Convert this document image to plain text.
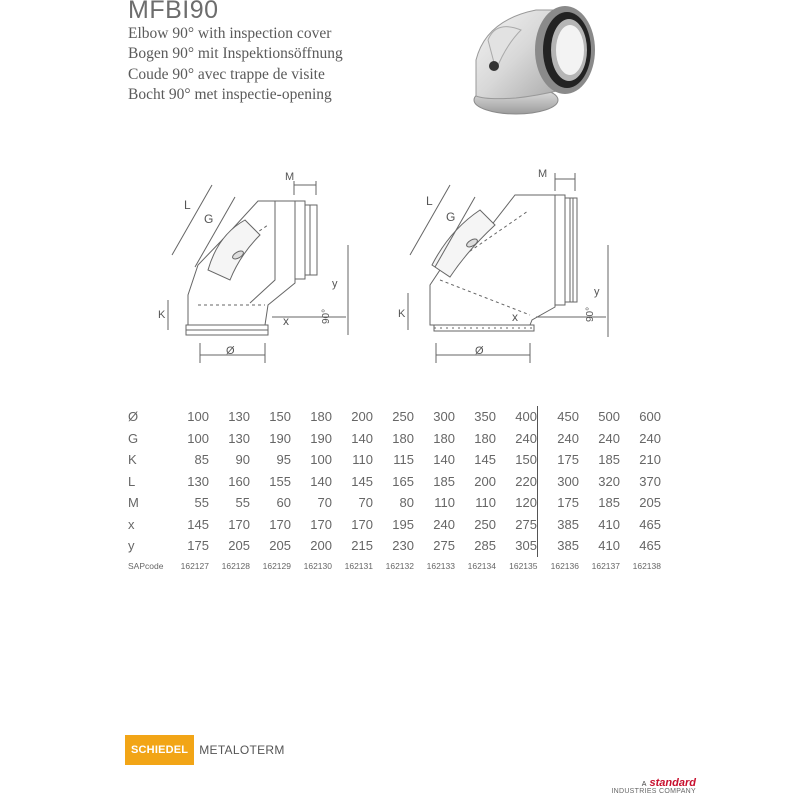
MFBI90
Elbow 90° with inspection cover
Bogen 90° mit Inspektionsöffnung
Coude 90° avec trappe de visite
Bocht 90° met inspectie-opening
L
G
M
K	x
y
90°
Ø
L
G
M
K	x
y
90°
Ø
Ø	100	130	150	180	200	250	300	350	400	450	500	600
G	100	130	190	190	140	180	180	180	240	240	240	240
K	85	90	95	100	110	115	140	145	150	175	185	210
L	130	160	155	140	145	165	185	200	220	300	320	370
M	55	55	60	70	70	80	110	110	120	175	185	205
x	145	170	170	170	170	195	240	250	275	385	410	465
y	175	205	205	200	215	230	275	285	305	385	410	465
SAPcode	162127	162128	162129	162130	162131	162132	162133	162134	162135	162136	162137	162138
SCHIEDEL METALOTERM
A standard
INDUSTRIES COMPANY
